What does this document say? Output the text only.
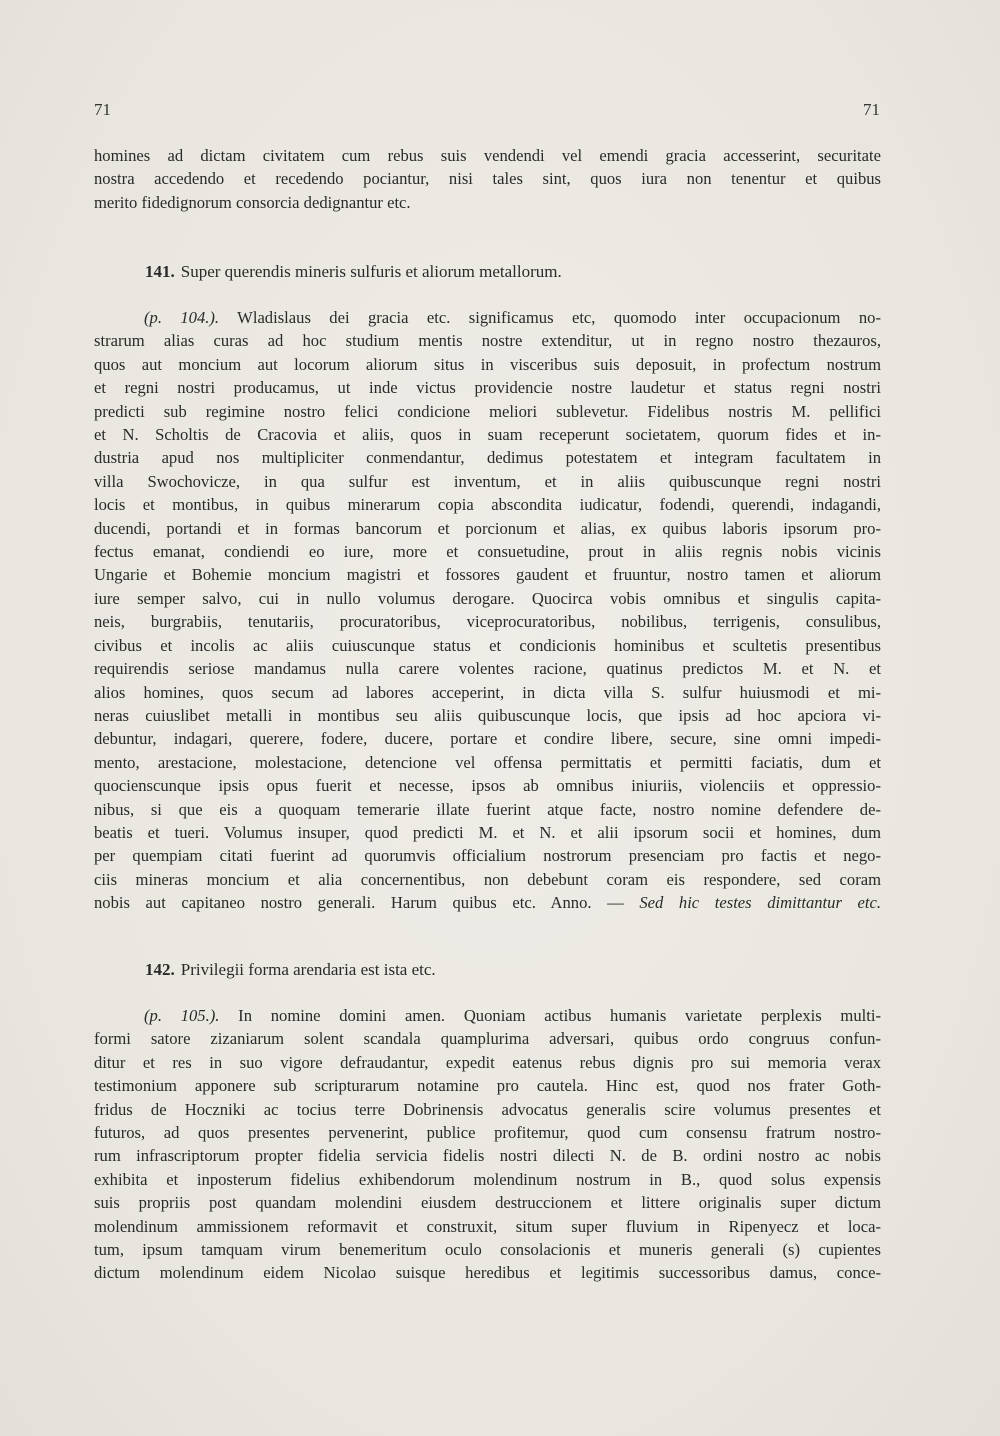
71	71
homines ad dictam civitatem cum rebus suis vendendi vel emendi gracia accesserint, securitate
nostra accedendo et recedendo pociantur, nisi tales sint, quos iura non tenentur et quibus
merito fidedignorum consorcia dedignantur etc.
141. Super querendis mineris sulfuris et aliorum metallorum.
(p. 104.). Wladislaus dei gracia etc. significamus etc, quomodo inter occupacionum no-
strarum alias curas ad hoc studium mentis nostre extenditur, ut in regno nostro thezauros,
quos aut moncium aut locorum aliorum situs in visceribus suis deposuit, in profectum nostrum
et regni nostri producamus, ut inde victus providencie nostre laudetur et status regni nostri
predicti sub regimine nostro felici condicione meliori sublevetur. Fidelibus nostris M. pellifici
et N. Scholtis de Cracovia et aliis, quos in suam receperunt societatem, quorum fides et in-
dustria apud nos multipliciter conmendantur, dedimus potestatem et integram facultatem in
villa Swochovicze, in qua sulfur est inventum, et in aliis quibuscunque regni nostri
locis et montibus, in quibus minerarum copia abscondita iudicatur, fodendi, querendi, indagandi,
ducendi, portandi et in formas bancorum et porcionum et alias, ex quibus laboris ipsorum pro-
fectus emanat, condiendi eo iure, more et consuetudine, prout in aliis regnis nobis vicinis
Ungarie et Bohemie moncium magistri et fossores gaudent et fruuntur, nostro tamen et aliorum
iure semper salvo, cui in nullo volumus derogare. Quocirca vobis omnibus et singulis capita-
neis, burgrabiis, tenutariis, procuratoribus, viceprocuratoribus, nobilibus, terrigenis, consulibus,
civibus et incolis ac aliis cuiuscunque status et condicionis hominibus et scultetis presentibus
requirendis seriose mandamus nulla carere volentes racione, quatinus predictos M. et N. et
alios homines, quos secum ad labores acceperint, in dicta villa S. sulfur huiusmodi et mi-
neras cuiuslibet metalli in montibus seu aliis quibuscunque locis, que ipsis ad hoc apciora vi-
debuntur, indagari, querere, fodere, ducere, portare et condire libere, secure, sine omni impedi-
mento, arestacione, molestacione, detencione vel offensa permittatis et permitti faciatis, dum et
quocienscunque ipsis opus fuerit et necesse, ipsos ab omnibus iniuriis, violenciis et oppressio-
nibus, si que eis a quoquam temerarie illate fuerint atque facte, nostro nomine defendere de-
beatis et tueri. Volumus insuper, quod predicti M. et N. et alii ipsorum socii et homines, dum
per quempiam citati fuerint ad quorumvis officialium nostrorum presenciam pro factis et nego-
ciis mineras moncium et alia concernentibus, non debebunt coram eis respondere, sed coram
nobis aut capitaneo nostro generali. Harum quibus etc. Anno. — Sed hic testes dimittantur etc.
142. Privilegii forma arendaria est ista etc.
(p. 105.). In nomine domini amen. Quoniam actibus humanis varietate perplexis multi-
formi satore zizaniarum solent scandala quamplurima adversari, quibus ordo congruus confun-
ditur et res in suo vigore defraudantur, expedit eatenus rebus dignis pro sui memoria verax
testimonium apponere sub scripturarum notamine pro cautela. Hinc est, quod nos frater Goth-
fridus de Hoczniki ac tocius terre Dobrinensis advocatus generalis scire volumus presentes et
futuros, ad quos presentes pervenerint, publice profitemur, quod cum consensu fratrum nostro-
rum infrascriptorum propter fidelia servicia fidelis nostri dilecti N. de B. ordini nostro ac nobis
exhibita et inposterum fidelius exhibendorum molendinum nostrum in B., quod solus expensis
suis propriis post quandam molendini eiusdem destruccionem et littere originalis super dictum
molendinum ammissionem reformavit et construxit, situm super fluvium in Ripenyecz et loca-
tum, ipsum tamquam virum benemeritum oculo consolacionis et muneris generali (s) cupientes
dictum molendinum eidem Nicolao suisque heredibus et legitimis successoribus damus, conce-
